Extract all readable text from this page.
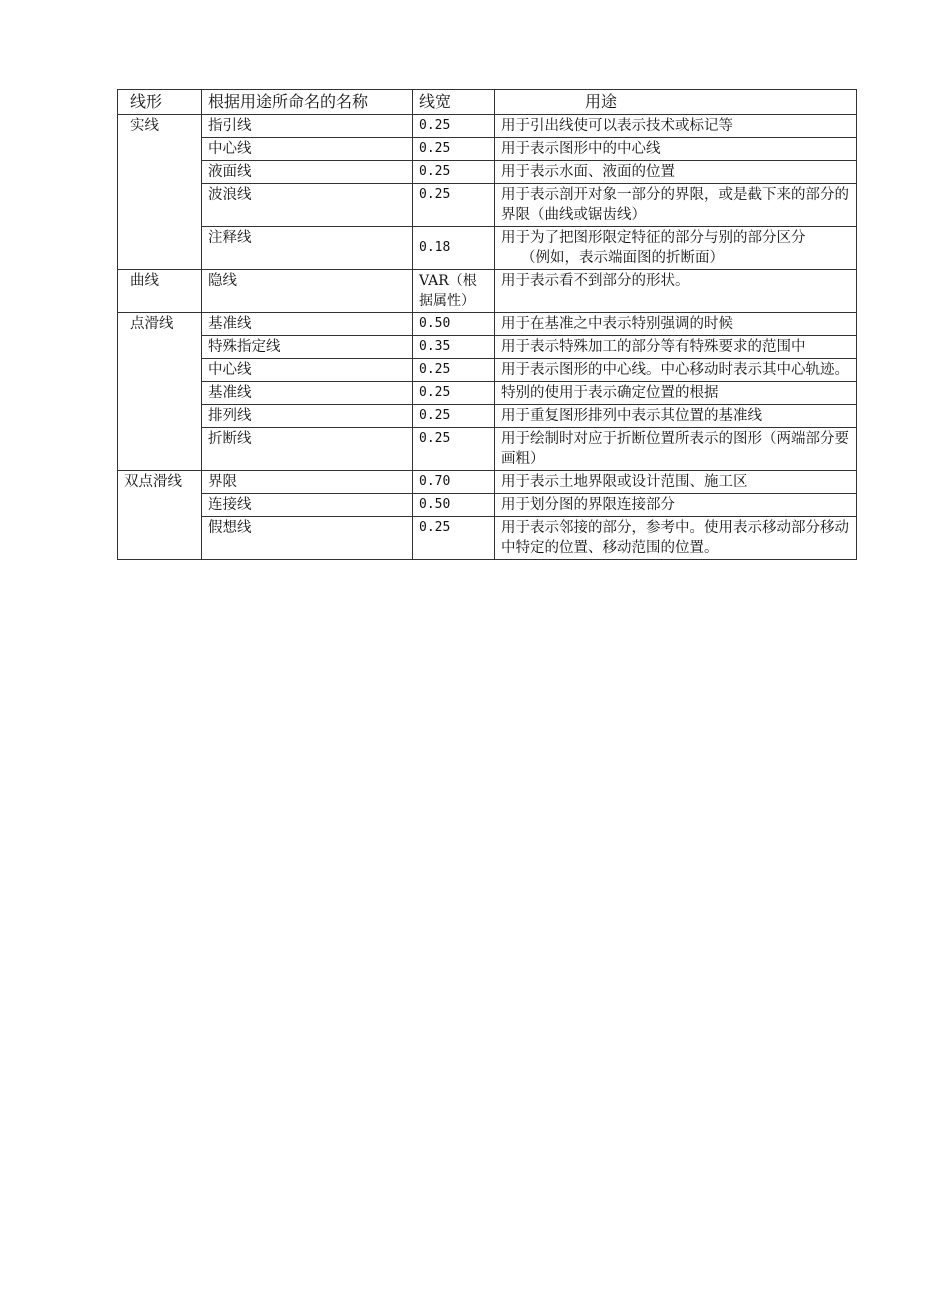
线形	根据用途所命名的名称	线宽	用途
实线	指引线	0.25	用于引出线使可以表示技术或标记等
	中心线	0.25	用于表示图形中的中心线
	液面线	0.25	用于表示水面、液面的位置
	波浪线	0.25	用于表示剖开对象一部分的界限，或是截下来的部分的界限（曲线或锯齿线）
	注释线	0.18	用于为了把图形限定特征的部分与别的部分区分
（例如，表示端面图的折断面）

曲线	隐线	VAR（根据属性）	用于表示看不到部分的形状。
点滑线	基准线	0.50	用于在基准之中表示特别强调的时候
	特殊指定线	0.35	用于表示特殊加工的部分等有特殊要求的范围中
	中心线	0.25	用于表示图形的中心线。中心移动时表示其中心轨迹。
	基准线	0.25	特别的使用于表示确定位置的根据
	排列线	0.25	用于重复图形排列中表示其位置的基准线
	折断线	0.25	用于绘制时对应于折断位置所表示的图形（两端部分要画粗）
双点滑线	界限	0.70	用于表示土地界限或设计范围、施工区
	连接线	0.50	用于划分图的界限连接部分
	假想线	0.25	用于表示邻接的部分，参考中。使用表示移动部分移动中特定的位置、移动范围的位置。
